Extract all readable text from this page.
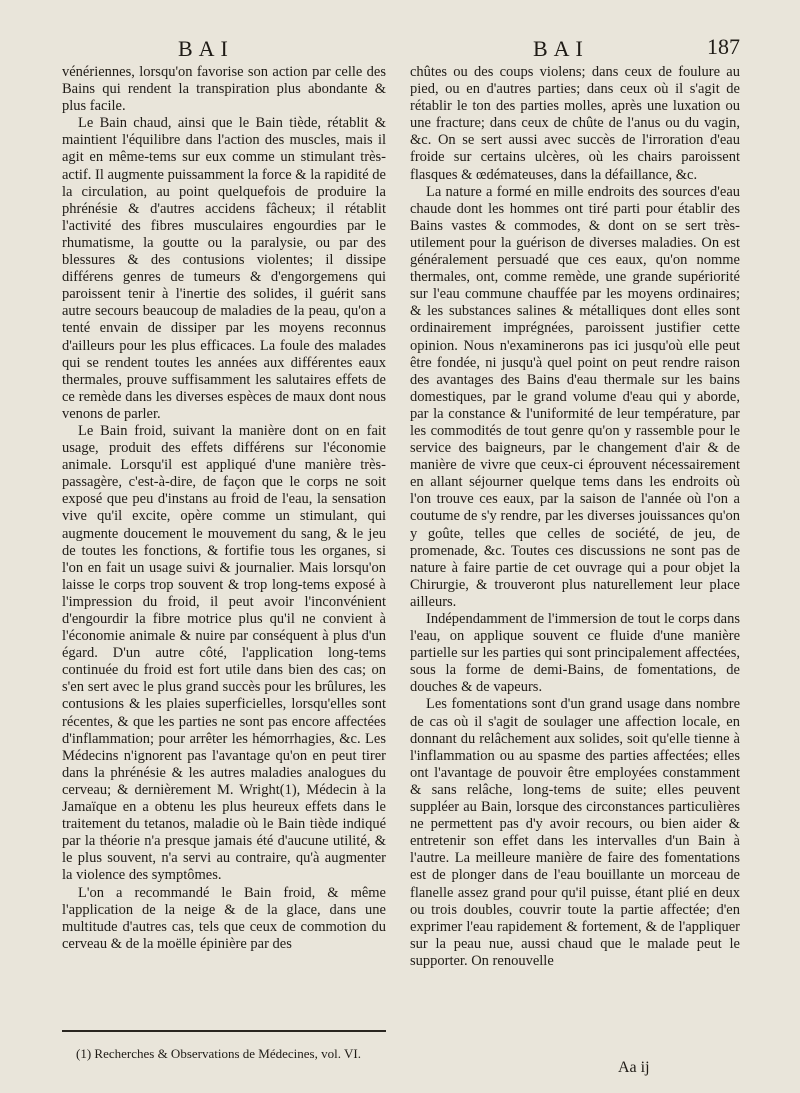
BAI	BAI	187

vénériennes, lorsqu'on favorise son action par celle des Bains qui rendent la transpiration plus abondante & plus facile.

Le Bain chaud, ainsi que le Bain tiède, rétablit & maintient l'équilibre dans l'action des muscles, mais il agit en même-tems sur eux comme un stimulant très-actif. Il augmente puissamment la force & la rapidité de la circulation, au point quelquefois de produire la phrénésie & d'autres accidens fâcheux; il rétablit l'activité des fibres musculaires engourdies par le rhumatisme, la goutte ou la paralysie, ou par des blessures & des contusions violentes; il dissipe différens genres de tumeurs & d'engorgemens qui paroissent tenir à l'inertie des solides, il guérit sans autre secours beaucoup de maladies de la peau, qu'on a tenté envain de dissiper par les moyens reconnus d'ailleurs pour les plus efficaces. La foule des malades qui se rendent toutes les années aux différentes eaux thermales, prouve suffisamment les salutaires effets de ce remède dans les diverses espèces de maux dont nous venons de parler.

Le Bain froid, suivant la manière dont on en fait usage, produit des effets différens sur l'économie animale. Lorsqu'il est appliqué d'une manière très-passagère, c'est-à-dire, de façon que le corps ne soit exposé que peu d'instans au froid de l'eau, la sensation vive qu'il excite, opère comme un stimulant, qui augmente doucement le mouvement du sang, & le jeu de toutes les fonctions, & fortifie tous les organes, si l'on en fait un usage suivi & journalier. Mais lorsqu'on laisse le corps trop souvent & trop long-tems exposé à l'impression du froid, il peut avoir l'inconvénient d'engourdir la fibre motrice plus qu'il ne convient à l'économie animale & nuire par conséquent à plus d'un égard. D'un autre côté, l'application long-tems continuée du froid est fort utile dans bien des cas; on s'en sert avec le plus grand succès pour les brûlures, les contusions & les plaies superficielles, lorsqu'elles sont récentes, & que les parties ne sont pas encore affectées d'inflammation; pour arrêter les hémorrhagies, &c. Les Médecins n'ignorent pas l'avantage qu'on en peut tirer dans la phrénésie & les autres maladies analogues du cerveau; & dernièrement M. Wright(1), Médecin à la Jamaïque en a obtenu les plus heureux effets dans le traitement du tetanos, maladie où le Bain tiède indiqué par la théorie n'a presque jamais été d'aucune utilité, & le plus souvent, n'a servi au contraire, qu'à augmenter la violence des symptômes.

L'on a recommandé le Bain froid, & même l'application de la neige & de la glace, dans une multitude d'autres cas, tels que ceux de commotion du cerveau & de la moëlle épinière par des

chûtes ou des coups violens; dans ceux de foulure au pied, ou en d'autres parties; dans ceux où il s'agit de rétablir le ton des parties molles, après une luxation ou une fracture; dans ceux de chûte de l'anus ou du vagin, &c. On se sert aussi avec succès de l'irroration d'eau froide sur certains ulcères, où les chairs paroissent flasques & œdémateuses, dans la défaillance, &c.

La nature a formé en mille endroits des sources d'eau chaude dont les hommes ont tiré parti pour établir des Bains vastes & commodes, & dont on se sert très-utilement pour la guérison de diverses maladies. On est généralement persuadé que ces eaux, qu'on nomme thermales, ont, comme remède, une grande supériorité sur l'eau commune chauffée par les moyens ordinaires; & les substances salines & métalliques dont elles sont ordinairement imprégnées, paroissent justifier cette opinion. Nous n'examinerons pas ici jusqu'où elle peut être fondée, ni jusqu'à quel point on peut rendre raison des avantages des Bains d'eau thermale sur les bains domestiques, par le grand volume d'eau qui y aborde, par la constance & l'uniformité de leur température, par les commodités de tout genre qu'on y rassemble pour le service des baigneurs, par le changement d'air & de manière de vivre que ceux-ci éprouvent nécessairement en allant séjourner quelque tems dans les endroits où l'on trouve ces eaux, par la saison de l'année où l'on a coutume de s'y rendre, par les diverses jouissances qu'on y goûte, telles que celles de société, de jeu, de promenade, &c. Toutes ces discussions ne sont pas de nature à faire partie de cet ouvrage qui a pour objet la Chirurgie, & trouveront plus naturellement leur place ailleurs.

Indépendamment de l'immersion de tout le corps dans l'eau, on applique souvent ce fluide d'une manière partielle sur les parties qui sont principalement affectées, sous la forme de demi-Bains, de fomentations, de douches & de vapeurs.

Les fomentations sont d'un grand usage dans nombre de cas où il s'agit de soulager une affection locale, en donnant du relâchement aux solides, soit qu'elle tienne à l'inflammation ou au spasme des parties affectées; elles ont l'avantage de pouvoir être employées constamment & sans relâche, long-tems de suite; elles peuvent suppléer au Bain, lorsque des circonstances particulières ne permettent pas d'y avoir recours, ou bien aider & entretenir son effet dans les intervalles d'un Bain à l'autre. La meilleure manière de faire des fomentations est de plonger dans de l'eau bouillante un morceau de flanelle assez grand pour qu'il puisse, étant plié en deux ou trois doubles, couvrir toute la partie affectée; d'en exprimer l'eau rapidement & fortement, & de l'appliquer sur la peau nue, aussi chaud que le malade peut le supporter. On renouvelle

(1) Recherches & Observations de Médecines, vol. VI.
Aa ij
